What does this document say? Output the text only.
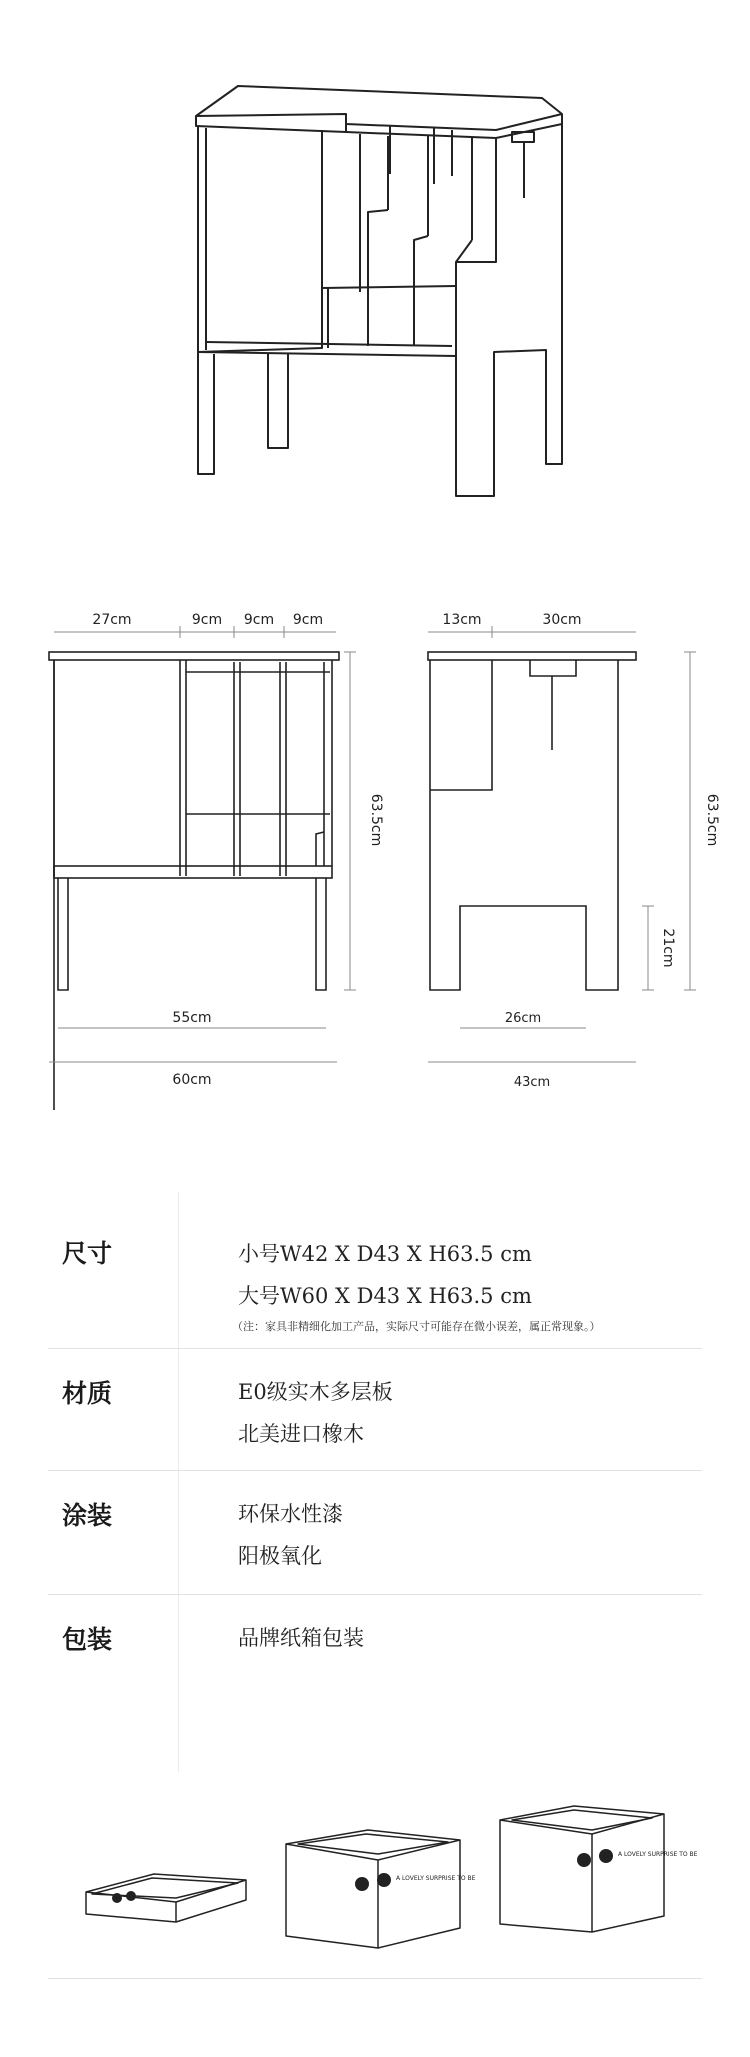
27cm	9cm 9cm 9cm
63.5cm
55cm
60cm
13cm	30cm
63.5cm
21cm
26cm
43cm
尺寸	小号W42 X D43 X H63.5 cm
大号W60 X D43 X H63.5 cm
（注：家具非精细化加工产品，实际尺寸可能存在微小误差，属正常现象。）
材质	E0级实木多层板
北美进口橡木
涂装	环保水性漆
阳极氧化
包装	品牌纸箱包装
A LOVELY SURPRISE TO BE
A LOVELY SURPRISE TO BE
